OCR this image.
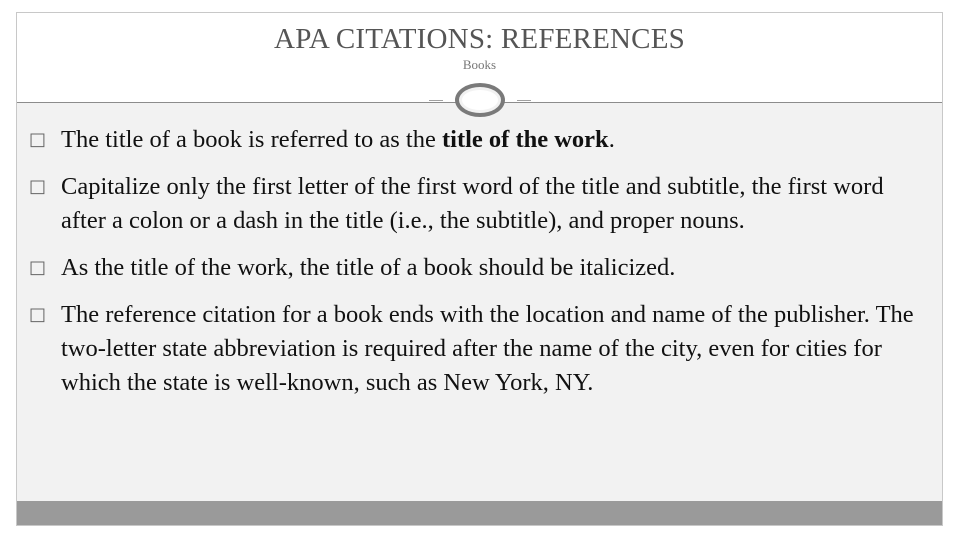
APA CITATIONS: REFERENCES
Books
□ The title of a book is referred to as the title of the work.
□ Capitalize only the first letter of the first word of the title and subtitle, the first word after a colon or a dash in the title (i.e., the subtitle), and proper nouns.
□ As the title of the work, the title of a book should be italicized.
□ The reference citation for a book ends with the location and name of the publisher. The two-letter state abbreviation is required after the name of the city, even for cities for which the state is well-known, such as New York, NY.
